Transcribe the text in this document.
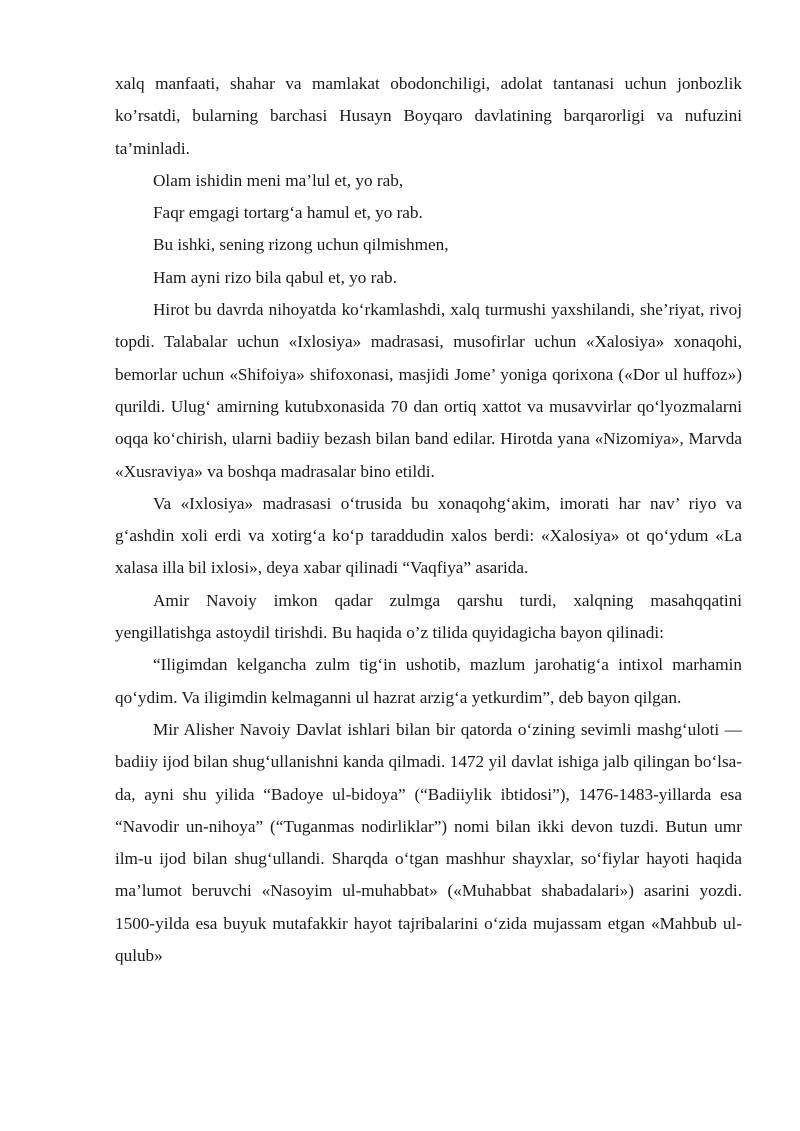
xalq manfaati, shahar va mamlakat obodonchiligi, adolat tantanasi uchun jonbozlik ko’rsatdi, bularning barchasi Husayn Boyqaro davlatining barqarorligi va nufuzini ta’minladi.

Olam ishidin meni ma’lul et, yo rab,

Faqr emgagi tortargʻa hamul et, yo rab.

Bu ishki, sening rizong uchun qilmishmen,

Ham ayni rizo bila qabul et, yo rab.

Hirot bu davrda nihoyatda koʻrkamlashdi, xalq turmushi yaxshilandi, she’riyat, rivoj topdi. Talabalar uchun «Ixlosiya» madrasasi, musofirlar uchun «Xalosiya» xonaqohi, bemorlar uchun «Shifoiya» shifoxonasi, masjidi Jome’ yoniga qorixona («Dor ul huffoz») qurildi. Ulugʻ amirning kutubxonasida 70 dan ortiq xattot va musavvirlar qoʻlyozmalarni oqqa koʻchirish, ularni badiiy bezash bilan band edilar. Hirotda yana «Nizomiya», Marvda «Xusraviya» va boshqa madrasalar bino etildi.

Va «Ixlosiya» madrasasi oʻtrusida bu xonaqohgʻakim, imorati har nav’ riyo va gʻashdin xoli erdi va xotirgʻa koʻp taraddudin xalos berdi: «Xalosiya» ot qoʻydum «La xalasa illa bil ixlosi», deya xabar qilinadi “Vaqfiya” asarida.

Amir Navoiy imkon qadar zulmga qarshu turdi, xalqning masahqqatini yengillatishga astoydil tirishdi. Bu haqida o’z tilida quyidagicha bayon qilinadi:

“Iligimdan kelgancha zulm tigʻin ushotib, mazlum jarohatigʻa intixol marhamin qoʻydim. Va iligimdin kelmaganni ul hazrat arzigʻa yetkurdim”, deb bayon qilgan.

Mir Alisher Navoiy Davlat ishlari bilan bir qatorda oʻzining sevimli mashgʻuloti — badiiy ijod bilan shugʻullanishni kanda qilmadi. 1472 yil davlat ishiga jalb qilingan boʻlsa-da, ayni shu yilida “Badoye ul-bidoya” (“Badiiylik ibtidosi”), 1476-1483-yillarda esa “Navodir un-nihoya” (“Tuganmas nodirliklar”) nomi bilan ikki devon tuzdi. Butun umr ilm-u ijod bilan shugʻullandi. Sharqda oʻtgan mashhur shayxlar, soʻfiylar hayoti haqida ma’lumot beruvchi «Nasoyim ul-muhabbat» («Muhabbat shabadalari») asarini yozdi. 1500-yilda esa buyuk mutafakkir hayot tajribalarini oʻzida mujassam etgan «Mahbub ul-qulub»
